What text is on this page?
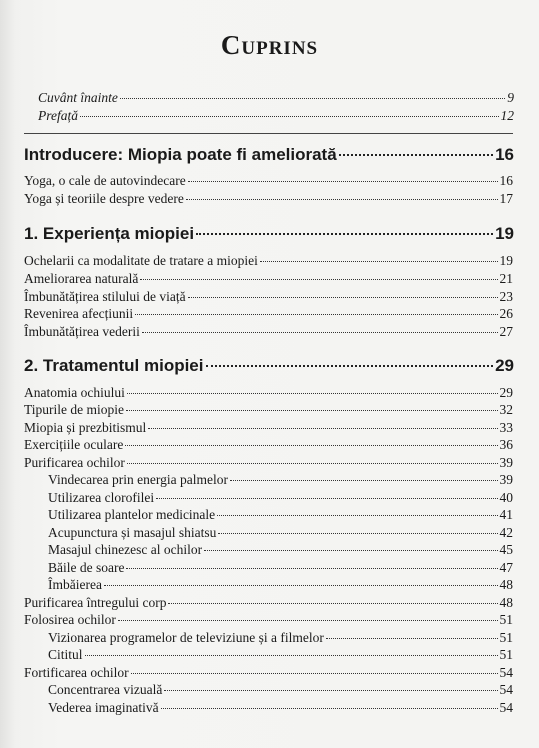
Cuprins
Cuvânt înainte	9
Prefață	12
Introducere: Miopia poate fi ameliorată	16
Yoga, o cale de autovindecare	16
Yoga și teoriile despre vedere	17
1. Experiența miopiei	19
Ochelarii ca modalitate de tratare a miopiei	19
Ameliorarea naturală	21
Îmbunătățirea stilului de viață	23
Revenirea afecțiunii	26
Îmbunătățirea vederii	27
2. Tratamentul miopiei	29
Anatomia ochiului	29
Tipurile de miopie	32
Miopia și prezbitismul	33
Exercițiile oculare	36
Purificarea ochilor	39
Vindecarea prin energia palmelor	39
Utilizarea clorofilei	40
Utilizarea plantelor medicinale	41
Acupunctura și masajul shiatsu	42
Masajul chinezesc al ochilor	45
Băile de soare	47
Îmbăierea	48
Purificarea întregului corp	48
Folosirea ochilor	51
Vizionarea programelor de televiziune și a filmelor	51
Cititul	51
Fortificarea ochilor	54
Concentrarea vizuală	54
Vederea imaginativă	54
